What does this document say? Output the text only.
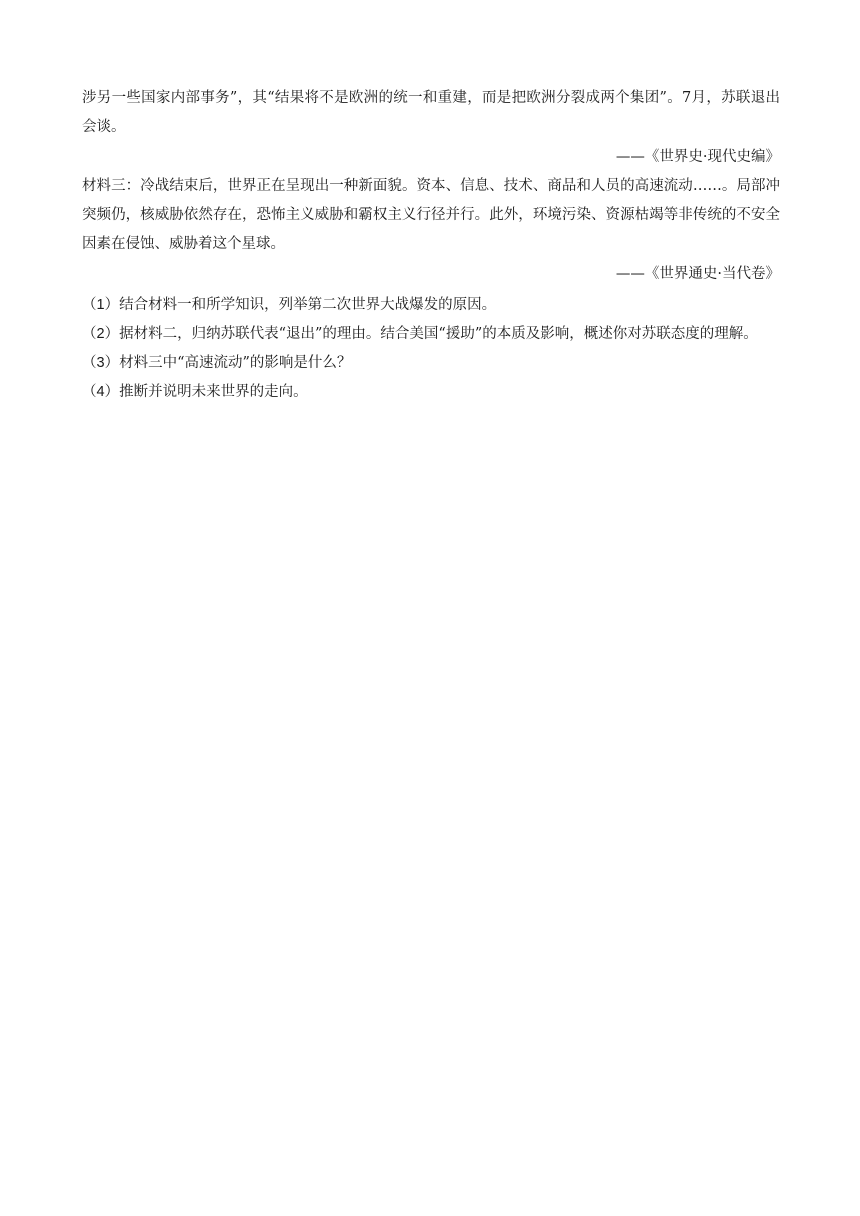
涉另一些国家内部事务”，其“结果将不是欧洲的统一和重建，而是把欧洲分裂成两个集团”。7月，苏联退出会谈。

——《世界史·现代史编》

材料三：冷战结束后，世界正在呈现出一种新面貌。资本、信息、技术、商品和人员的高速流动……。局部冲突频仍，核威胁依然存在，恐怖主义威胁和霸权主义行径并行。此外，环境污染、资源枯竭等非传统的不安全因素在侵蚀、威胁着这个星球。

——《世界通史·当代卷》

（1）结合材料一和所学知识，列举第二次世界大战爆发的原因。

（2）据材料二，归纳苏联代表“退出”的理由。结合美国“援助”的本质及影响，概述你对苏联态度的理解。

（3）材料三中“高速流动”的影响是什么？

（4）推断并说明未来世界的走向。
